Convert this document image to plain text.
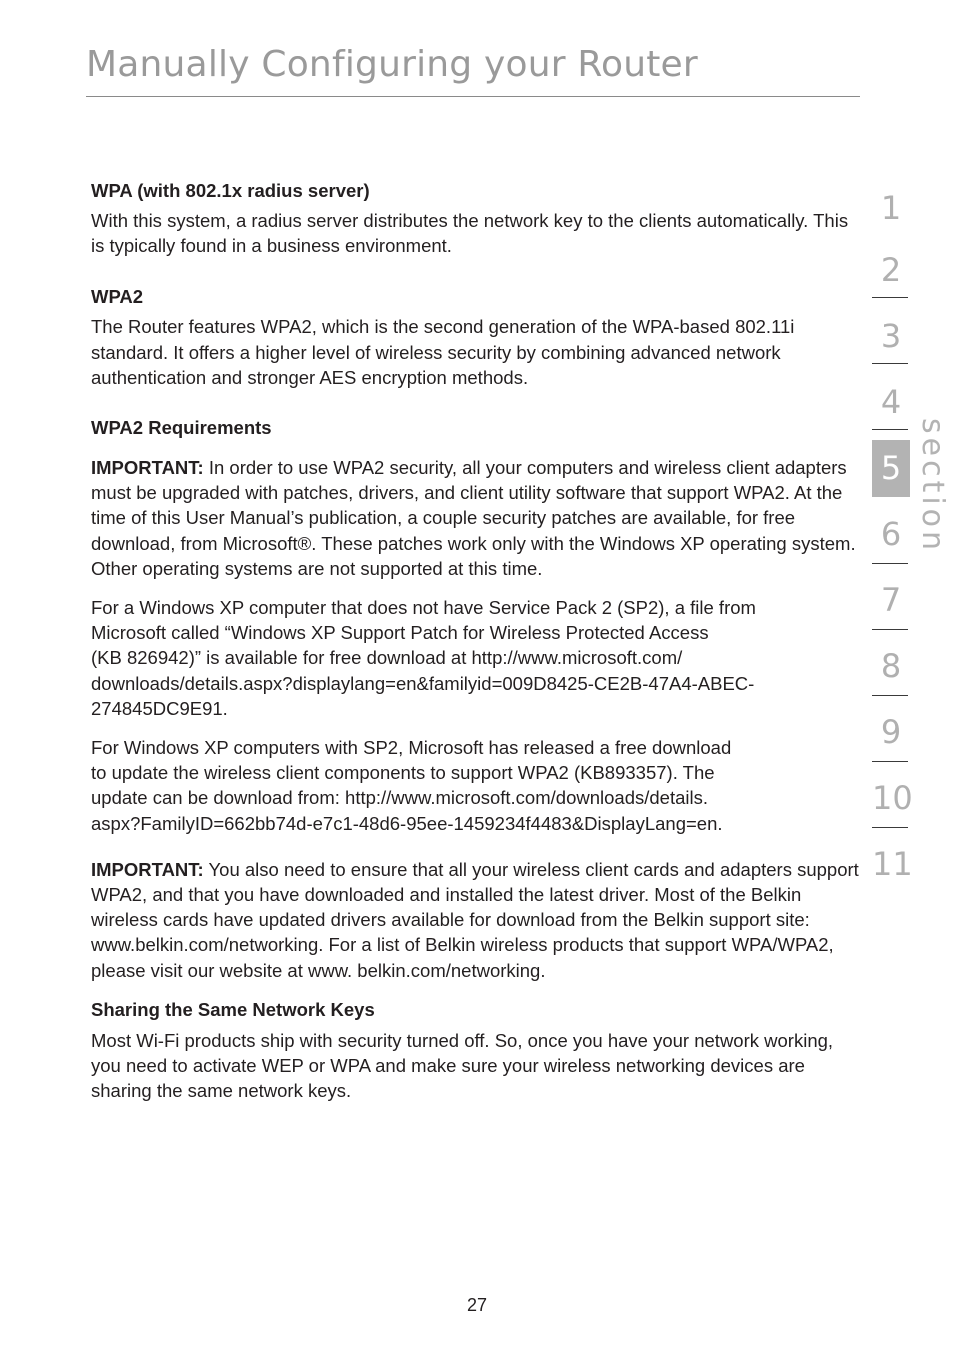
Manually Configuring your Router
WPA (with 802.1x radius server)

With this system, a radius server distributes the network key to the clients automatically. This is typically found in a business environment.

WPA2

The Router features WPA2, which is the second generation of the WPA-based 802.11i standard. It offers a higher level of wireless security by combining advanced network authentication and stronger AES encryption methods.

WPA2 Requirements

IMPORTANT: In order to use WPA2 security, all your computers and wireless client adapters must be upgraded with patches, drivers, and client utility software that support WPA2. At the time of this User Manual’s publication, a couple security patches are available, for free download, from Microsoft®. These patches work only with the Windows XP operating system. Other operating systems are not supported at this time.

For a Windows XP computer that does not have Service Pack 2 (SP2), a file from
Microsoft called “Windows XP Support Patch for Wireless Protected Access
(KB 826942)” is available for free download at http://www.microsoft.com/
downloads/details.aspx?displaylang=en&familyid=009D8425-CE2B-47A4-ABEC-
274845DC9E91.

For Windows XP computers with SP2, Microsoft has released a free download
to update the wireless client components to support WPA2 (KB893357). The
update can be download from: http://www.microsoft.com/downloads/details.
aspx?FamilyID=662bb74d-e7c1-48d6-95ee-1459234f4483&DisplayLang=en.

IMPORTANT: You also need to ensure that all your wireless client cards and adapters support WPA2, and that you have downloaded and installed the latest driver. Most of the Belkin wireless cards have updated drivers available for download from the Belkin support site: www.belkin.com/networking. For a list of Belkin wireless products that support WPA/WPA2, please visit our website at www. belkin.com/networking.

Sharing the Same Network Keys

Most Wi-Fi products ship with security turned off. So, once you have your network working, you need to activate WEP or WPA and make sure your wireless networking devices are sharing the same network keys.

1
2
3
4
5
6
7
8
9
10
11
section
27
